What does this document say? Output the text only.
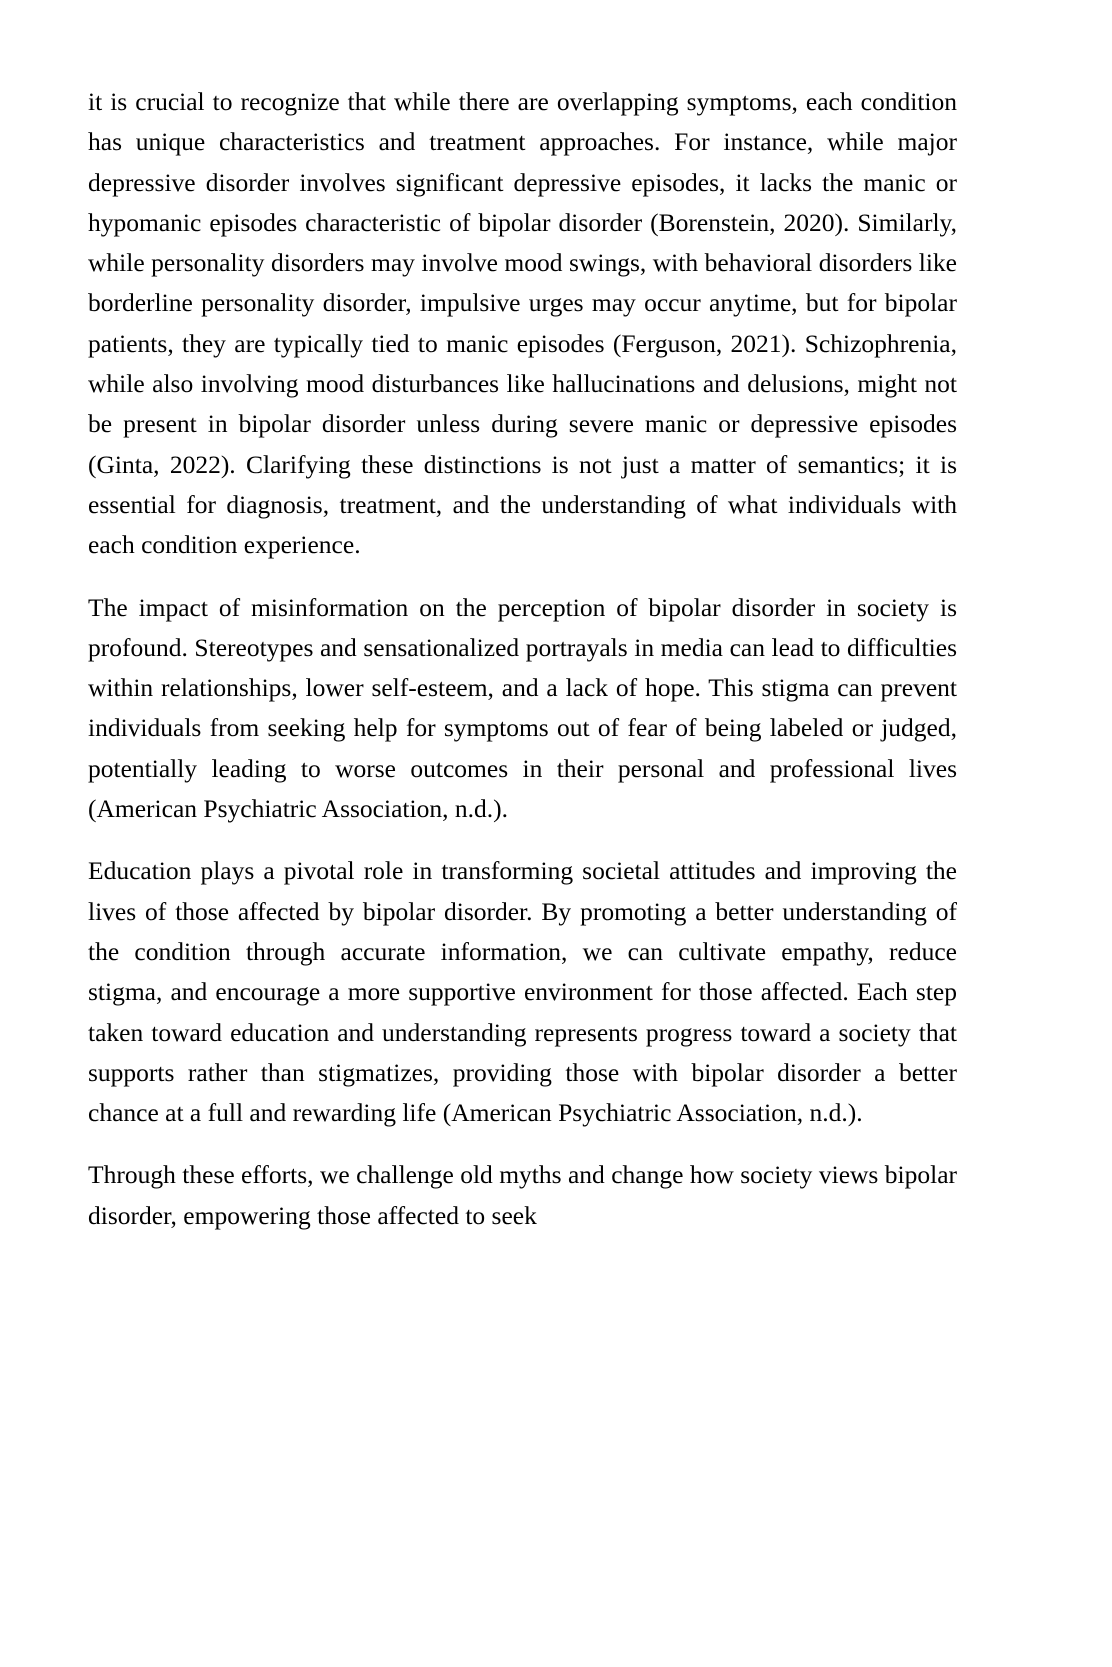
it is crucial to recognize that while there are overlapping symptoms, each condition has unique characteristics and treatment approaches. For instance, while major depressive disorder involves significant depressive episodes, it lacks the manic or hypomanic episodes characteristic of bipolar disorder (Borenstein, 2020). Similarly, while personality disorders may involve mood swings, with behavioral disorders like borderline personality disorder, impulsive urges may occur anytime, but for bipolar patients, they are typically tied to manic episodes (Ferguson, 2021). Schizophrenia, while also involving mood disturbances like hallucinations and delusions, might not be present in bipolar disorder unless during severe manic or depressive episodes (Ginta, 2022). Clarifying these distinctions is not just a matter of semantics; it is essential for diagnosis, treatment, and the understanding of what individuals with each condition experience.

The impact of misinformation on the perception of bipolar disorder in society is profound. Stereotypes and sensationalized portrayals in media can lead to difficulties within relationships, lower self-esteem, and a lack of hope. This stigma can prevent individuals from seeking help for symptoms out of fear of being labeled or judged, potentially leading to worse outcomes in their personal and professional lives (American Psychiatric Association, n.d.).

Education plays a pivotal role in transforming societal attitudes and improving the lives of those affected by bipolar disorder. By promoting a better understanding of the condition through accurate information, we can cultivate empathy, reduce stigma, and encourage a more supportive environment for those affected. Each step taken toward education and understanding represents progress toward a society that supports rather than stigmatizes, providing those with bipolar disorder a better chance at a full and rewarding life (American Psychiatric Association, n.d.).

Through these efforts, we challenge old myths and change how society views bipolar disorder, empowering those affected to seek
